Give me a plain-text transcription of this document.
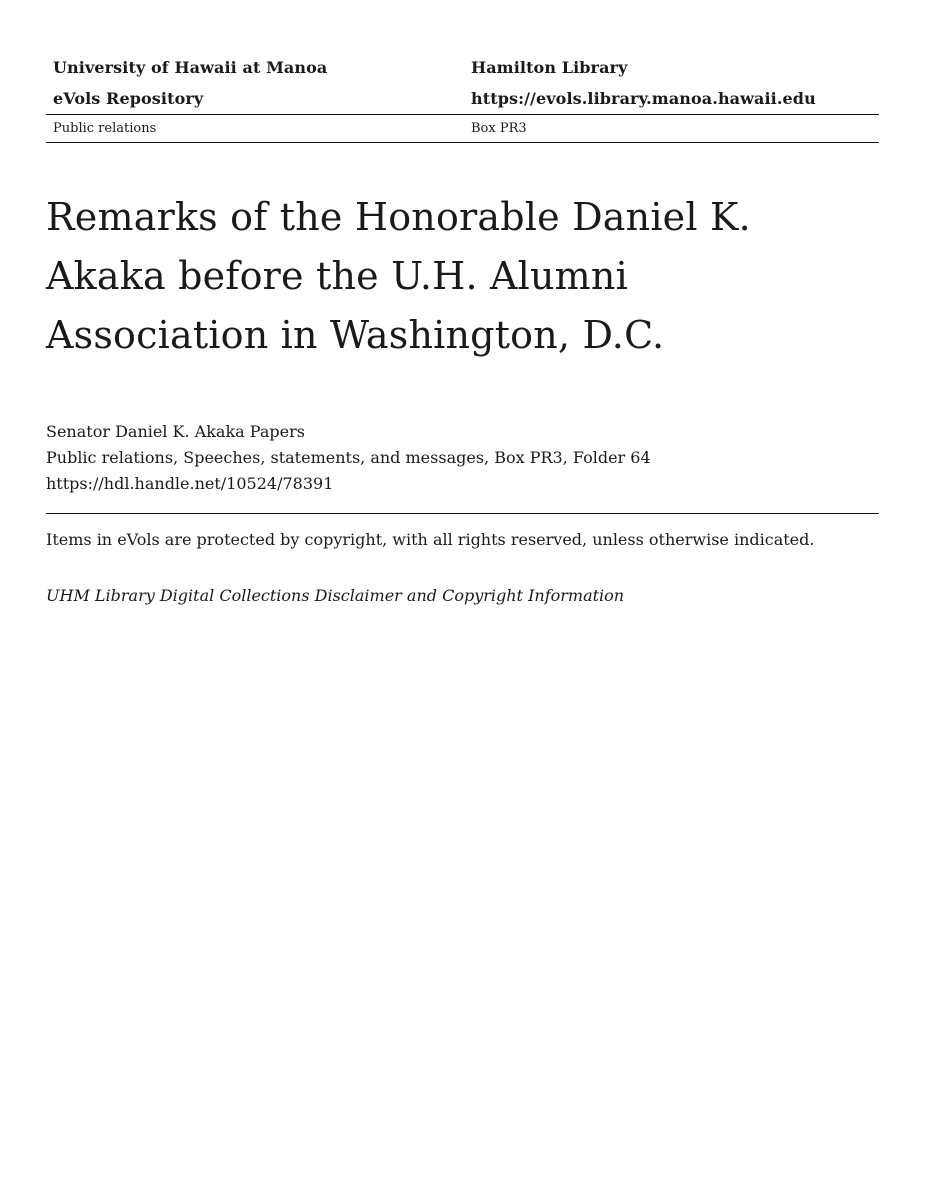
University of Hawaii at Manoa	Hamilton Library
eVols Repository	https://evols.library.manoa.hawaii.edu
Public relations	Box PR3
Remarks of the Honorable Daniel K. Akaka before the U.H. Alumni Association in Washington, D.C.
Senator Daniel K. Akaka Papers
Public relations, Speeches, statements, and messages, Box PR3, Folder 64
https://hdl.handle.net/10524/78391
Items in eVols are protected by copyright, with all rights reserved, unless otherwise indicated.
UHM Library Digital Collections Disclaimer and Copyright Information
